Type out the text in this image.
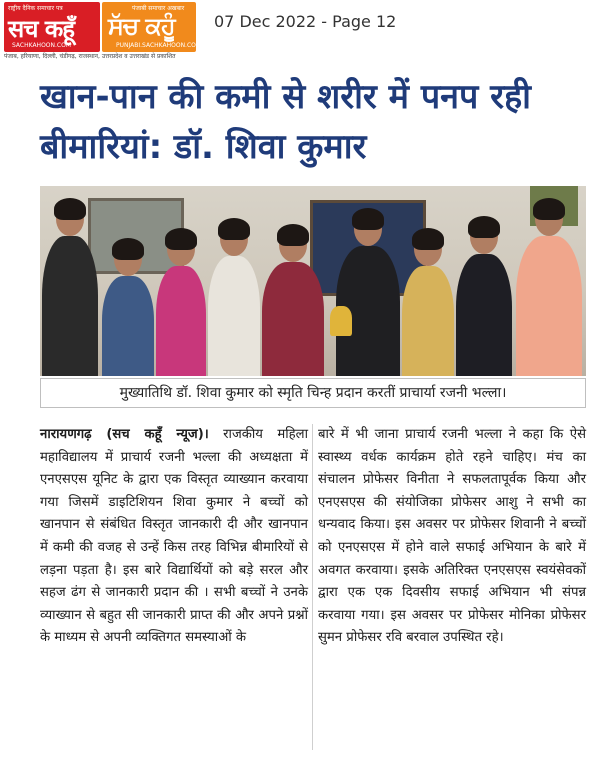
राष्ट्रीय दैनिक समाचार पत्र
सच कहूँ
SACHKAHOON.COM
पंजाबी समाचार अखबार
ਸੱਚ ਕਹੂੰ
PUNJABI.SACHKAHOON.COM
पंजाब, हरियाणा, दिल्ली, चंडीगढ़, राजस्थान, उत्तरप्रदेश व उत्तराखंड से प्रकाशित
07 Dec 2022 - Page 12
खान-पान की कमी से शरीर में पनप रही बीमारियां: डॉ. शिवा कुमार
मुख्यातिथि डॉ. शिवा कुमार को स्मृति चिन्ह प्रदान करतीं प्राचार्या रजनी भल्ला।
नारायणगढ़ (सच कहूँ न्यूज)। राजकीय महिला महाविद्यालय में प्राचार्य रजनी भल्ला की अध्यक्षता में एनएसएस यूनिट के द्वारा एक विस्तृत व्याख्यान करवाया गया जिसमें डाइटिशियन शिवा कुमार ने बच्चों को खानपान से संबंधित विस्तृत जानकारी दी और खानपान में कमी की वजह से उन्हें किस तरह विभिन्न बीमारियों से लड़ना पड़ता है। इस बारे विद्यार्थियों को बड़े सरल और सहज ढंग से जानकारी प्रदान की । सभी बच्चों ने उनके व्याख्यान से बहुत सी जानकारी प्राप्त की और अपने प्रश्नों के माध्यम से अपनी व्यक्तिगत समस्याओं के
बारे में भी जाना प्राचार्य रजनी भल्ला ने कहा कि ऐसे स्वास्थ्य वर्धक कार्यक्रम होते रहने चाहिए। मंच का संचालन प्रोफेसर विनीता ने सफलतापूर्वक किया और एनएसएस की संयोजिका प्रोफेसर आशु ने सभी का धन्यवाद किया। इस अवसर पर प्रोफेसर शिवानी ने बच्चों को एनएसएस में होने वाले सफाई अभियान के बारे में अवगत करवाया। इसके अतिरिक्त एनएसएस स्वयंसेवकों द्वारा एक एक दिवसीय सफाई अभियान भी संपन्न करवाया गया। इस अवसर पर प्रोफेसर मोनिका प्रोफेसर सुमन प्रोफेसर रवि बरवाल उपस्थित रहे।
